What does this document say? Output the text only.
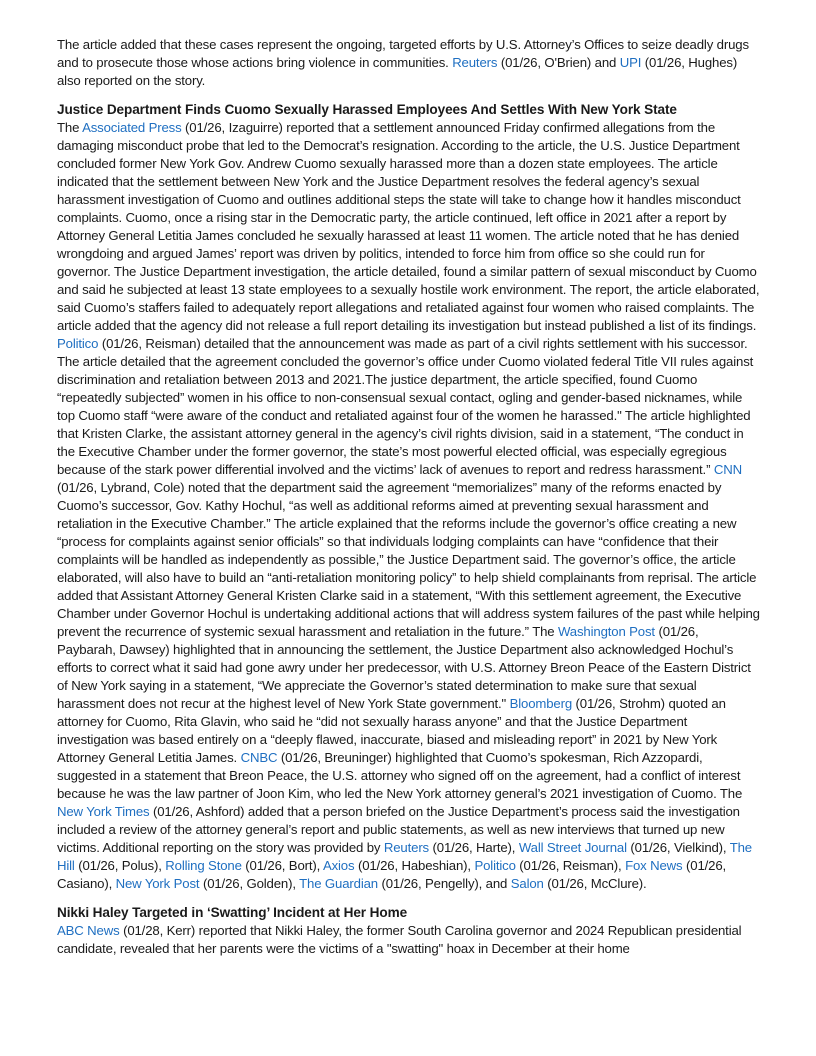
The article added that these cases represent the ongoing, targeted efforts by U.S. Attorney’s Offices to seize deadly drugs and to prosecute those whose actions bring violence in communities. Reuters (01/26, O'Brien) and UPI (01/26, Hughes) also reported on the story.

Justice Department Finds Cuomo Sexually Harassed Employees And Settles With New York State

The Associated Press (01/26, Izaguirre) reported that a settlement announced Friday confirmed allegations from the damaging misconduct probe that led to the Democrat’s resignation. According to the article, the U.S. Justice Department concluded former New York Gov. Andrew Cuomo sexually harassed more than a dozen state employees. The article indicated that the settlement between New York and the Justice Department resolves the federal agency’s sexual harassment investigation of Cuomo and outlines additional steps the state will take to change how it handles misconduct complaints. Cuomo, once a rising star in the Democratic party, the article continued, left office in 2021 after a report by Attorney General Letitia James concluded he sexually harassed at least 11 women. The article noted that he has denied wrongdoing and argued James’ report was driven by politics, intended to force him from office so she could run for governor. The Justice Department investigation, the article detailed, found a similar pattern of sexual misconduct by Cuomo and said he subjected at least 13 state employees to a sexually hostile work environment. The report, the article elaborated, said Cuomo’s staffers failed to adequately report allegations and retaliated against four women who raised complaints. The article added that the agency did not release a full report detailing its investigation but instead published a list of its findings. Politico (01/26, Reisman) detailed that the announcement was made as part of a civil rights settlement with his successor. The article detailed that the agreement concluded the governor’s office under Cuomo violated federal Title VII rules against discrimination and retaliation between 2013 and 2021.The justice department, the article specified, found Cuomo “repeatedly subjected” women in his office to non-consensual sexual contact, ogling and gender-based nicknames, while top Cuomo staff “were aware of the conduct and retaliated against four of the women he harassed." The article highlighted that Kristen Clarke, the assistant attorney general in the agency’s civil rights division, said in a statement, “The conduct in the Executive Chamber under the former governor, the state’s most powerful elected official, was especially egregious because of the stark power differential involved and the victims’ lack of avenues to report and redress harassment.” CNN (01/26, Lybrand, Cole) noted that the department said the agreement “memorializes” many of the reforms enacted by Cuomo’s successor, Gov. Kathy Hochul, “as well as additional reforms aimed at preventing sexual harassment and retaliation in the Executive Chamber.” The article explained that the reforms include the governor’s office creating a new “process for complaints against senior officials” so that individuals lodging complaints can have “confidence that their complaints will be handled as independently as possible,” the Justice Department said. The governor’s office, the article elaborated, will also have to build an “anti-retaliation monitoring policy” to help shield complainants from reprisal. The article added that Assistant Attorney General Kristen Clarke said in a statement, “With this settlement agreement, the Executive Chamber under Governor Hochul is undertaking additional actions that will address system failures of the past while helping prevent the recurrence of systemic sexual harassment and retaliation in the future.” The Washington Post (01/26, Paybarah, Dawsey) highlighted that in announcing the settlement, the Justice Department also acknowledged Hochul’s efforts to correct what it said had gone awry under her predecessor, with U.S. Attorney Breon Peace of the Eastern District of New York saying in a statement, “We appreciate the Governor’s stated determination to make sure that sexual harassment does not recur at the highest level of New York State government." Bloomberg (01/26, Strohm) quoted an attorney for Cuomo, Rita Glavin, who said he “did not sexually harass anyone” and that the Justice Department investigation was based entirely on a “deeply flawed, inaccurate, biased and misleading report” in 2021 by New York Attorney General Letitia James. CNBC (01/26, Breuninger) highlighted that Cuomo’s spokesman, Rich Azzopardi, suggested in a statement that Breon Peace, the U.S. attorney who signed off on the agreement, had a conflict of interest because he was the law partner of Joon Kim, who led the New York attorney general’s 2021 investigation of Cuomo. The New York Times (01/26, Ashford) added that a person briefed on the Justice Department’s process said the investigation included a review of the attorney general’s report and public statements, as well as new interviews that turned up new victims. Additional reporting on the story was provided by Reuters (01/26, Harte), Wall Street Journal (01/26, Vielkind), The Hill (01/26, Polus), Rolling Stone (01/26, Bort), Axios (01/26, Habeshian), Politico (01/26, Reisman), Fox News (01/26, Casiano), New York Post (01/26, Golden), The Guardian (01/26, Pengelly), and Salon (01/26, McClure).

Nikki Haley Targeted in ‘Swatting’ Incident at Her Home

ABC News (01/28, Kerr) reported that Nikki Haley, the former South Carolina governor and 2024 Republican presidential candidate, revealed that her parents were the victims of a "swatting" hoax in December at their home
